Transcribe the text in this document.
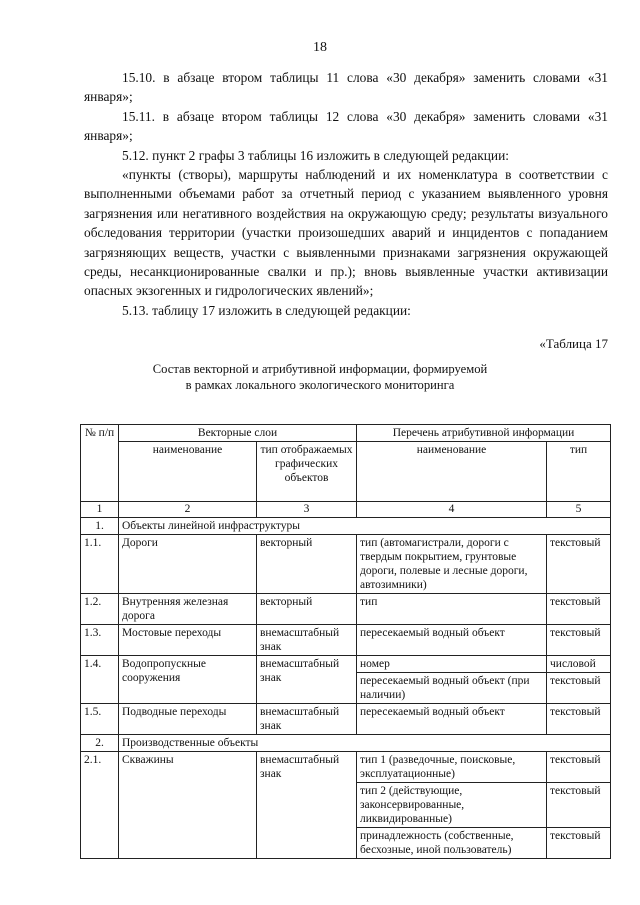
18

15.10. в абзаце втором таблицы 11 слова «30 декабря» заменить словами «31 января»;

15.11. в абзаце втором таблицы 12 слова «30 декабря» заменить словами «31 января»;

5.12. пункт 2 графы 3 таблицы 16 изложить в следующей редакции:

«пункты (створы), маршруты наблюдений и их номенклатура в соответствии с выполненными объемами работ за отчетный период с указанием выявленного уровня загрязнения или негативного воздействия на окружающую среду; результаты визуального обследования территории (участки произошедших аварий и инцидентов с попаданием загрязняющих веществ, участки с выявленными признаками загрязнения окружающей среды, несанкционированные свалки и пр.); вновь выявленные участки активизации опасных экзогенных и гидрологических явлений»;

5.13. таблицу 17 изложить в следующей редакции:

«Таблица 17
Состав векторной и атрибутивной информации, формируемой
в рамках локального экологического мониторинга
№ п/п	Векторные слои		Перечень атрибутивной информации	
	наименование	тип отображаемых графических объектов	наименование	тип
1	2	3	4	5
1.	Объекты линейной инфраструктуры			
1.1.	Дороги	векторный	тип (автомагистрали, дороги с твердым покрытием, грунтовые дороги, полевые и лесные дороги, автозимники)	текстовый
1.2.	Внутренняя железная дорога	векторный	тип	текстовый
1.3.	Мостовые переходы	внемасштабный знак	пересекаемый водный объект	текстовый
1.4.	Водопропускные сооружения	внемасштабный знак	номер	числовой
			пересекаемый водный объект (при наличии)	текстовый
1.5.	Подводные переходы	внемасштабный знак	пересекаемый водный объект	текстовый
2.	Производственные объекты			
2.1.	Скважины	внемасштабный знак	тип 1 (разведочные, поисковые, эксплуатационные)	текстовый
			тип 2 (действующие, законсервированные, ликвидированные)	текстовый
			принадлежность (собственные, бесхозные, иной пользователь)	текстовый
